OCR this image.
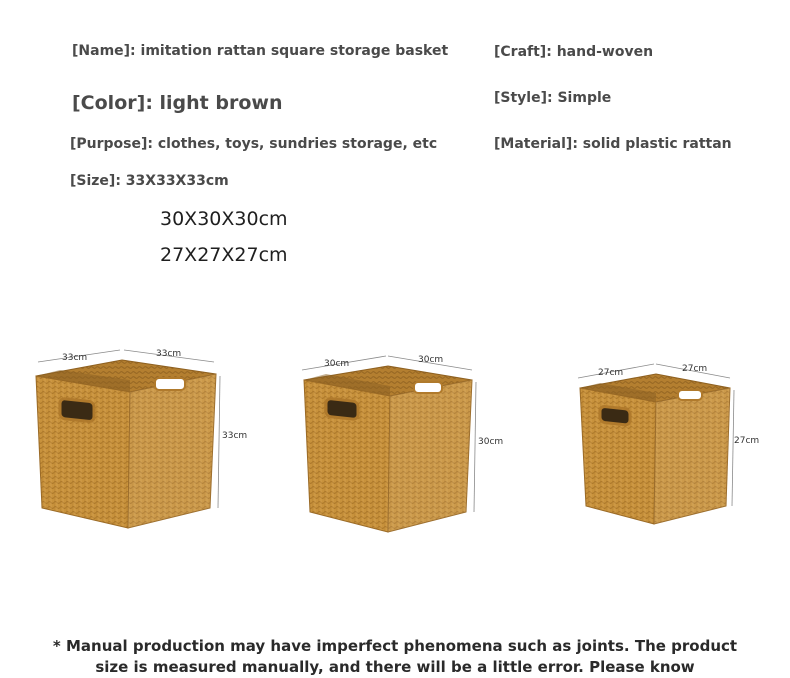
[Name]: imitation rattan square storage basket
[Color]: light brown
[Purpose]: clothes, toys, sundries storage, etc
[Size]: 33X33X33cm
30X30X30cm
27X27X27cm
[Craft]: hand-woven
[Style]: Simple
[Material]: solid plastic rattan
33cm	33cm
33cm
30cm	30cm
30cm
27cm	27cm
27cm
* Manual production may have imperfect phenomena such as joints. The product
size is measured manually, and there will be a little error. Please know
